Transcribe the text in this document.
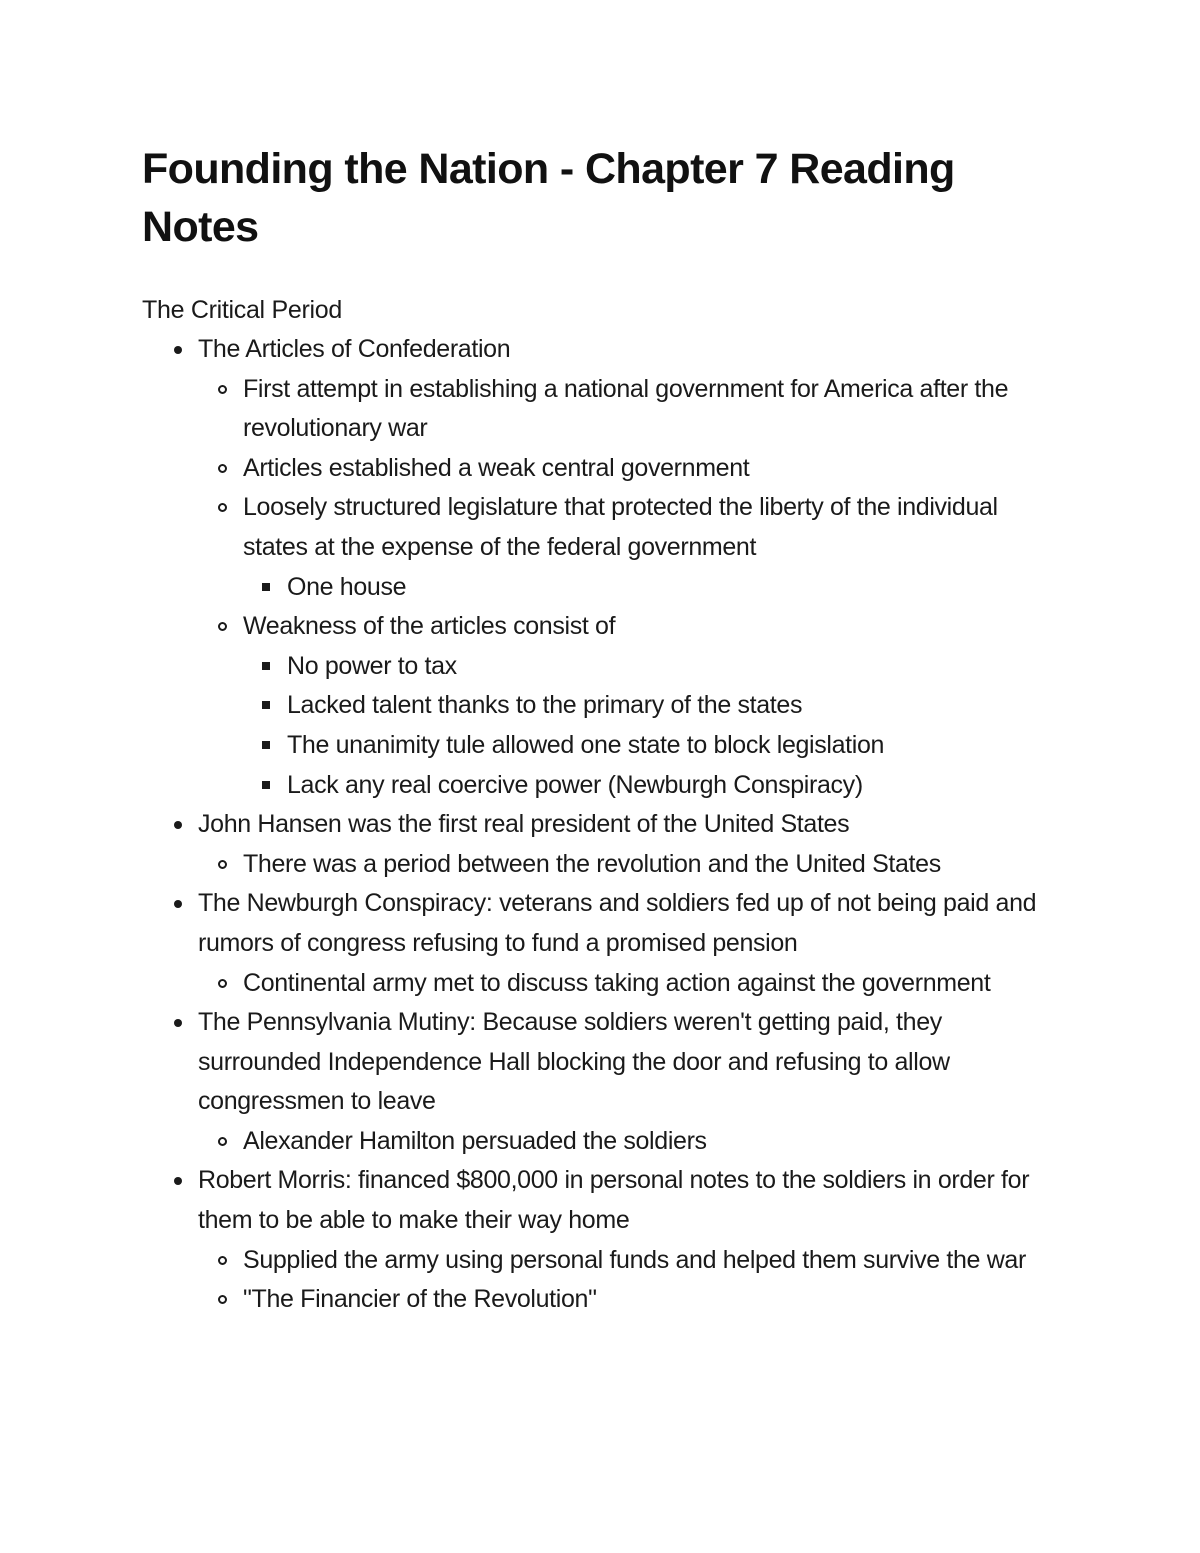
Founding the Nation - Chapter 7 Reading Notes
The Critical Period
The Articles of Confederation
First attempt in establishing a national government for America after the revolutionary war
Articles established a weak central government
Loosely structured legislature that protected the liberty of the individual states at the expense of the federal government
One house
Weakness of the articles consist of
No power to tax
Lacked talent thanks to the primary of the states
The unanimity tule allowed one state to block legislation
Lack any real coercive power (Newburgh Conspiracy)
John Hansen was the first real president of the United States
There was a period between the revolution and the United States
The Newburgh Conspiracy: veterans and soldiers fed up of not being paid and rumors of congress refusing to fund a promised pension
Continental army met to discuss taking action against the government
The Pennsylvania Mutiny: Because soldiers weren't getting paid, they surrounded Independence Hall blocking the door and refusing to allow congressmen to leave
Alexander Hamilton persuaded the soldiers
Robert Morris: financed $800,000 in personal notes to the soldiers in order for them to be able to make their way home
Supplied the army using personal funds and helped them survive the war
"The Financier of the Revolution"
